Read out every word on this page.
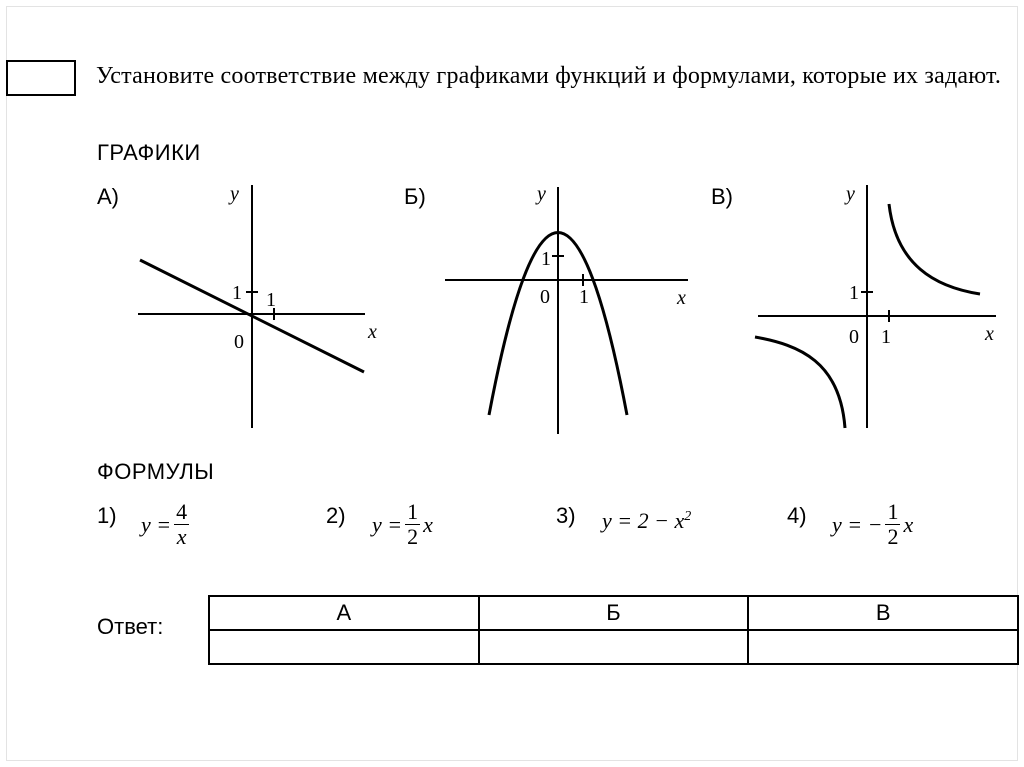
Установите соответствие между графиками функций и формулами, которые их задают.
ГРАФИКИ
А)	Б)	В)
y
x
0
1 1
y
x
0
1
1
y
x
0
1
1
ФОРМУЛЫ
1) $y = \frac{4}{x}$	2) $y = \frac{1}{2}$ x	3) $y = 2 - x^2$	4) y = − $\frac{1}{2}$ x
Ответ:
А	Б	В
